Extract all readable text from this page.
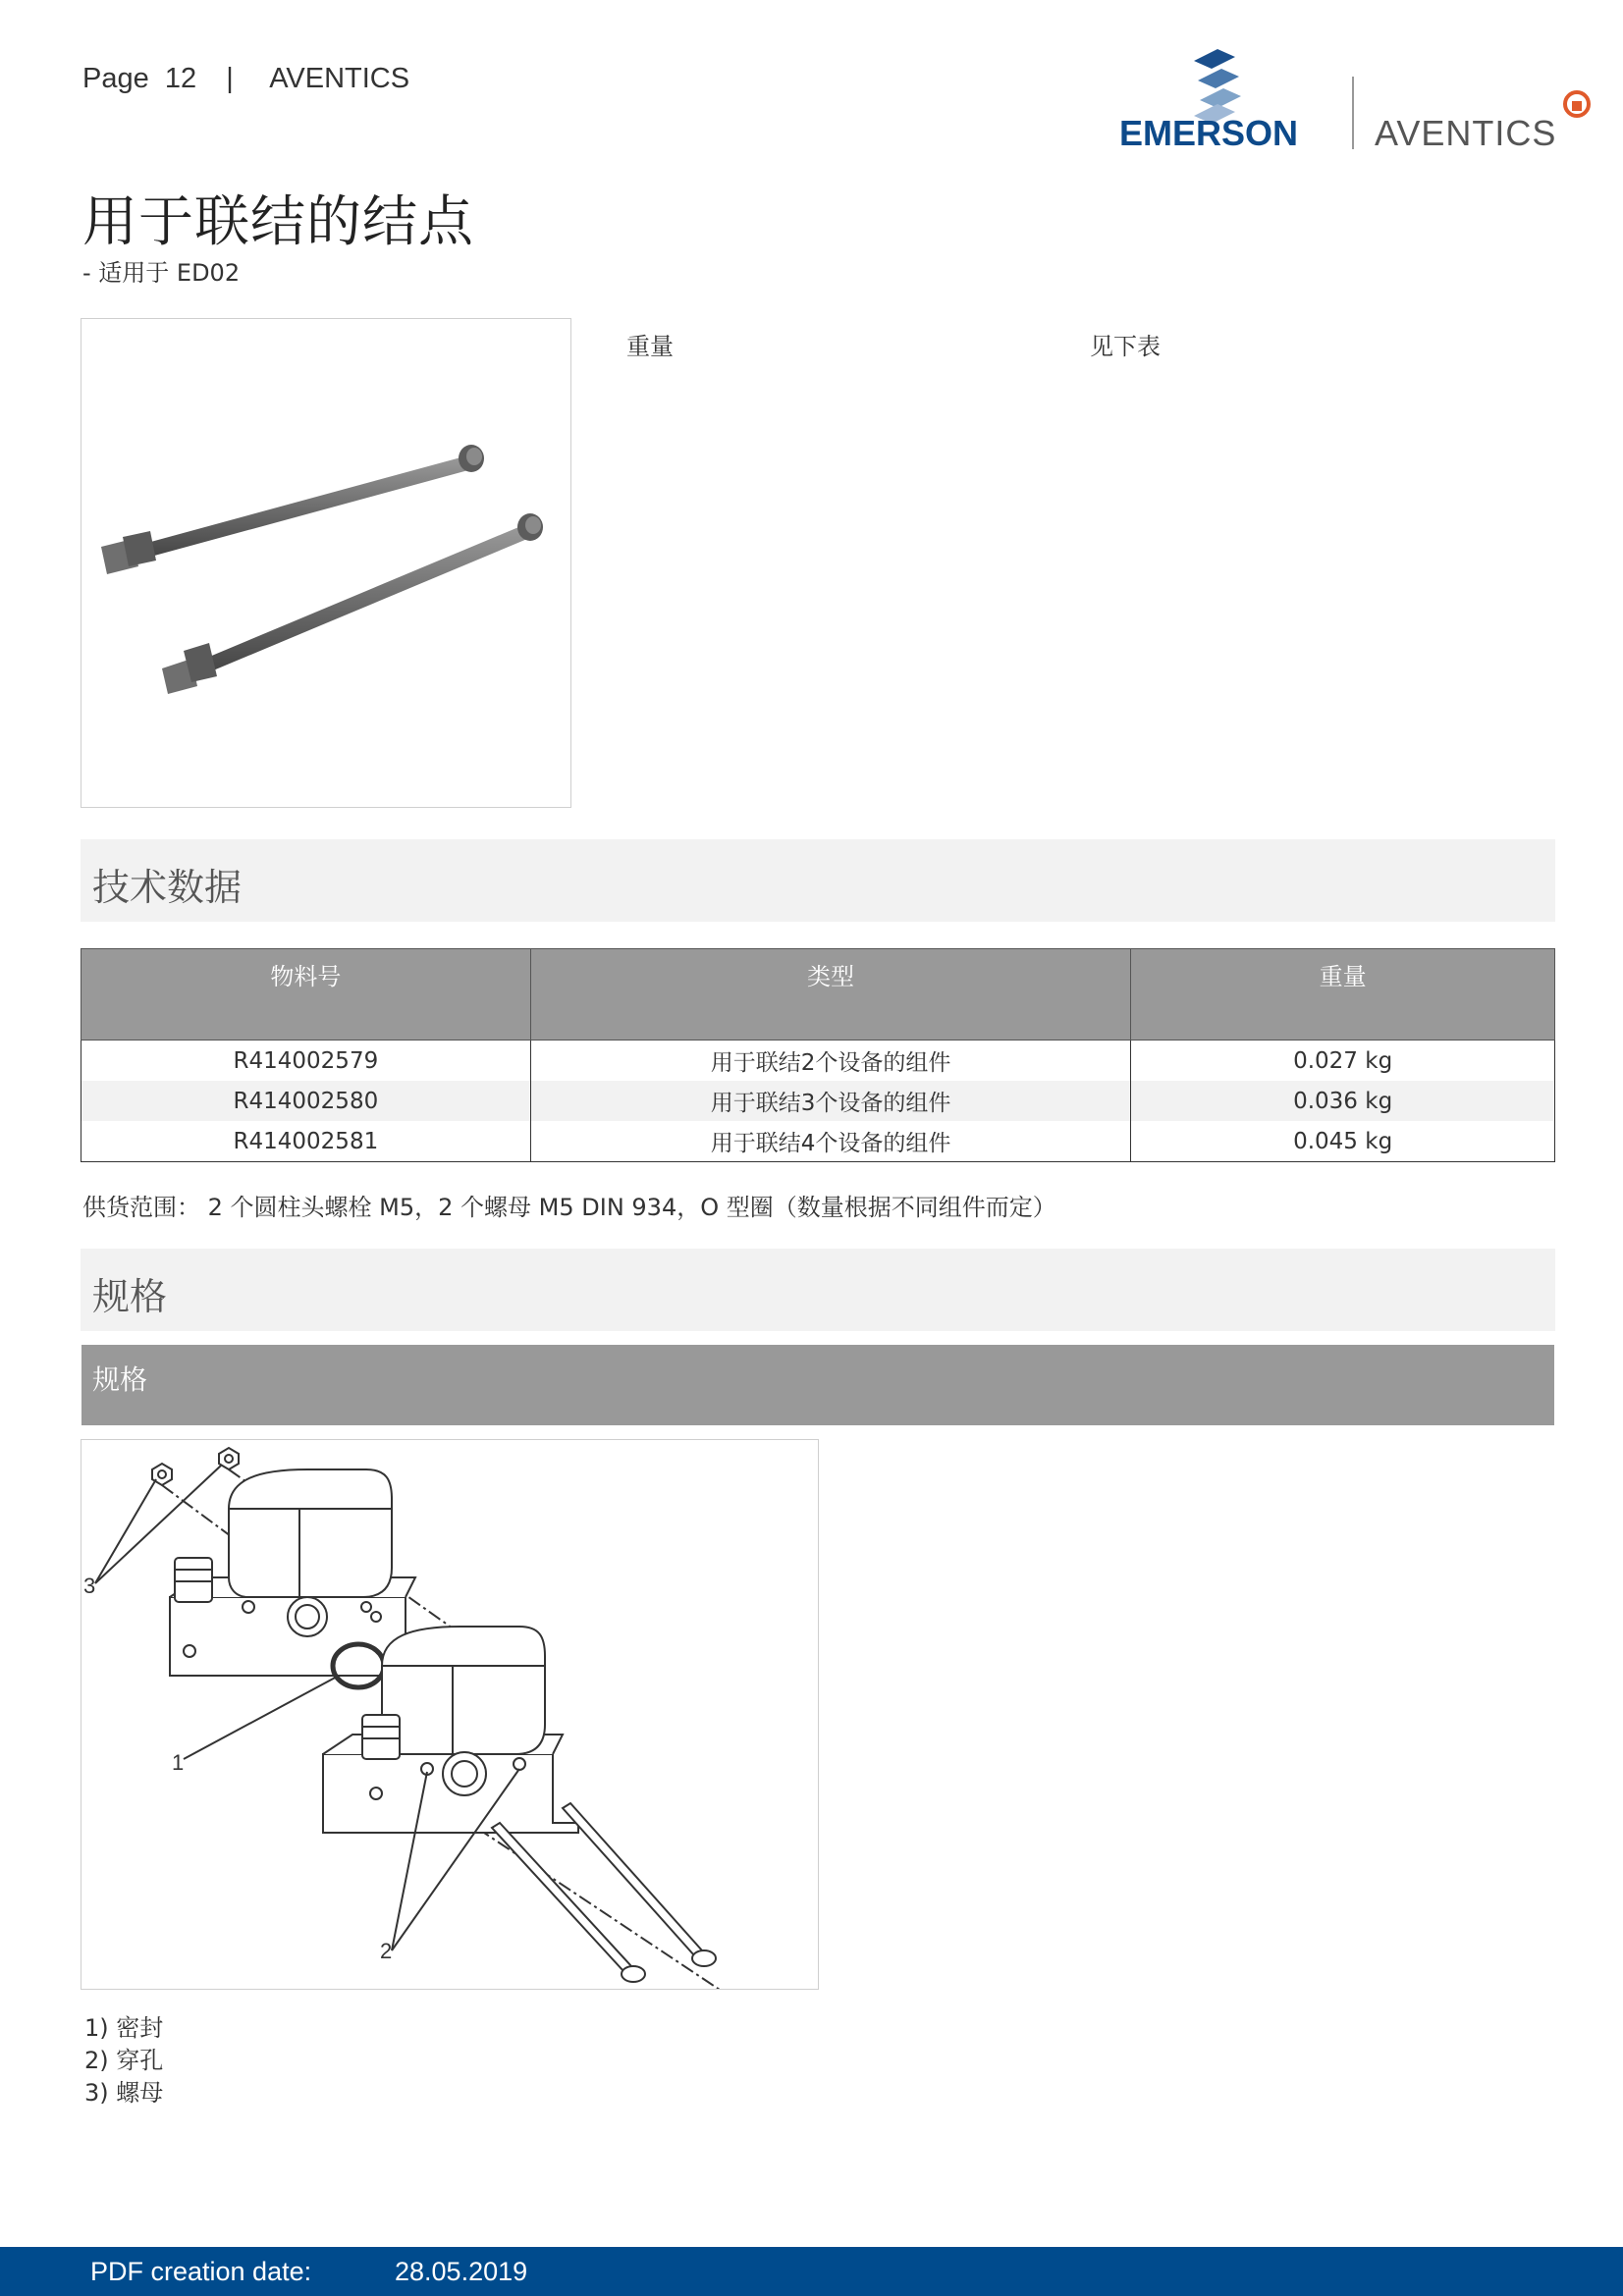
Page 12 | AVENTICS
EMERSON AVENTICS
用于联结的结点
- 适用于 ED02
重量	见下表
技术数据
物料号	类型	重量
R414002579	用于联结2个设备的组件	0.027 kg
R414002580	用于联结3个设备的组件	0.036 kg
R414002581	用于联结4个设备的组件	0.045 kg
供货范围： 2 个圆柱头螺栓 M5，2 个螺母 M5 DIN 934，O 型圈（数量根据不同组件而定）
规格
规格
3
1
2
1) 密封
2) 穿孔
3) 螺母
PDF creation date:	28.05.2019
